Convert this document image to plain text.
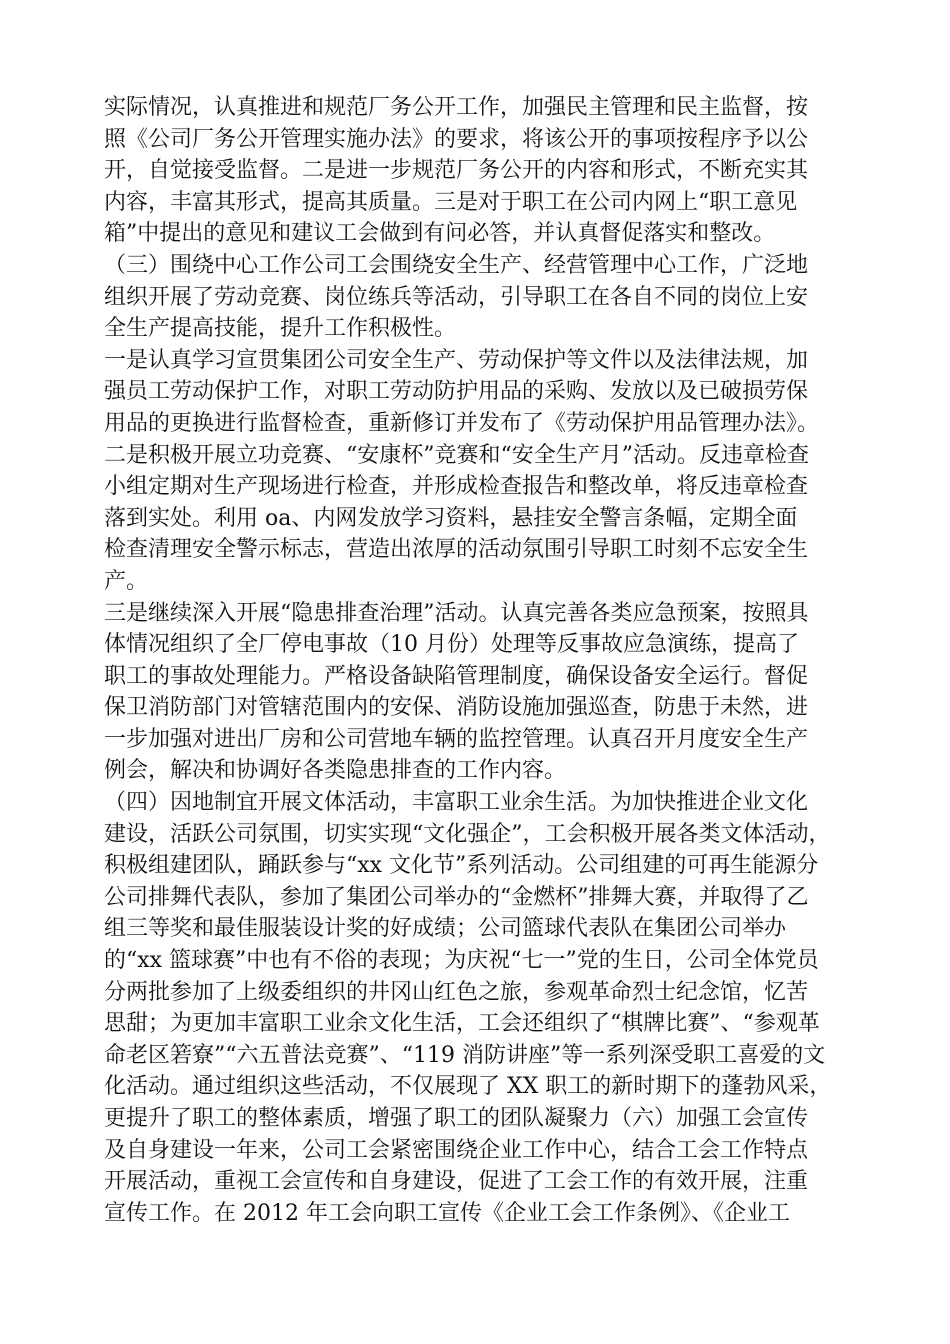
实际情况，认真推进和规范厂务公开工作，加强民主管理和民主监督，按
照《公司厂务公开管理实施办法》的要求，将该公开的事项按程序予以公
开，自觉接受监督。二是进一步规范厂务公开的内容和形式，不断充实其
内容，丰富其形式，提高其质量。三是对于职工在公司内网上“职工意见
箱”中提出的意见和建议工会做到有问必答，并认真督促落实和整改。
（三）围绕中心工作公司工会围绕安全生产、经营管理中心工作，广泛地
组织开展了劳动竞赛、岗位练兵等活动，引导职工在各自不同的岗位上安
全生产提高技能，提升工作积极性。
一是认真学习宣贯集团公司安全生产、劳动保护等文件以及法律法规，加
强员工劳动保护工作，对职工劳动防护用品的采购、发放以及已破损劳保
用品的更换进行监督检查，重新修订并发布了《劳动保护用品管理办法》。
二是积极开展立功竞赛、“安康杯”竞赛和“安全生产月”活动。反违章检查
小组定期对生产现场进行检查，并形成检查报告和整改单，将反违章检查
落到实处。利用 oa、内网发放学习资料，悬挂安全警言条幅，定期全面
检查清理安全警示标志，营造出浓厚的活动氛围引导职工时刻不忘安全生
产。
三是继续深入开展“隐患排查治理”活动。认真完善各类应急预案，按照具
体情况组织了全厂停电事故（10 月份）处理等反事故应急演练，提高了
职工的事故处理能力。严格设备缺陷管理制度，确保设备安全运行。督促
保卫消防部门对管辖范围内的安保、消防设施加强巡查，防患于未然，进
一步加强对进出厂房和公司营地车辆的监控管理。认真召开月度安全生产
例会，解决和协调好各类隐患排查的工作内容。
（四）因地制宜开展文体活动，丰富职工业余生活。为加快推进企业文化
建设，活跃公司氛围，切实实现“文化强企”，工会积极开展各类文体活动，
积极组建团队，踊跃参与“xx 文化节”系列活动。公司组建的可再生能源分
公司排舞代表队，参加了集团公司举办的“金燃杯”排舞大赛，并取得了乙
组三等奖和最佳服装设计奖的好成绩；公司篮球代表队在集团公司举办
的“xx 篮球赛”中也有不俗的表现；为庆祝“七一”党的生日，公司全体党员
分两批参加了上级委组织的井冈山红色之旅，参观革命烈士纪念馆，忆苦
思甜；为更加丰富职工业余文化生活，工会还组织了“棋牌比赛”、“参观革
命老区箬寮”“六五普法竞赛”、“119 消防讲座”等一系列深受职工喜爱的文
化活动。通过组织这些活动，不仅展现了 XX 职工的新时期下的蓬勃风采，
更提升了职工的整体素质，增强了职工的团队凝聚力（六）加强工会宣传
及自身建设一年来，公司工会紧密围绕企业工作中心，结合工会工作特点
开展活动，重视工会宣传和自身建设，促进了工会工作的有效开展，注重
宣传工作。在 2012 年工会向职工宣传《企业工会工作条例》、《企业工
